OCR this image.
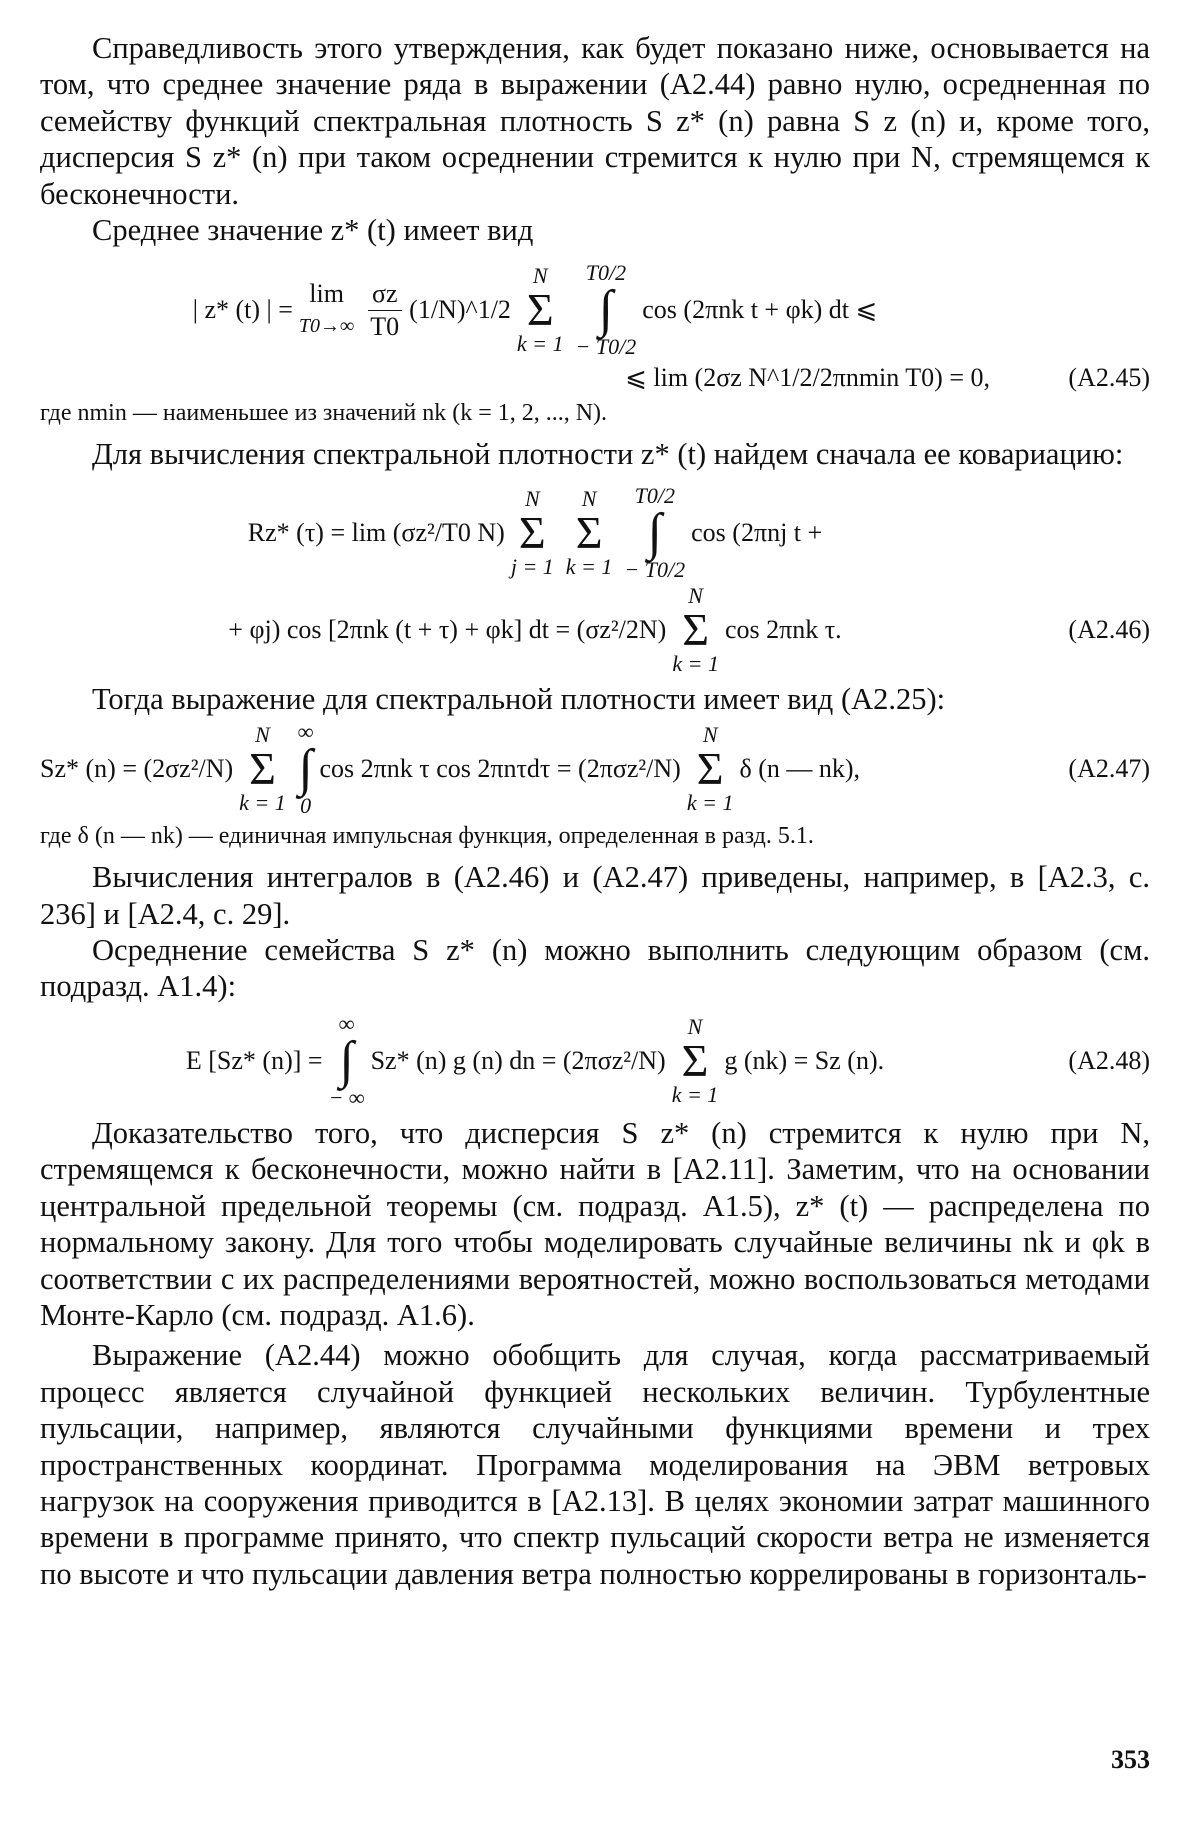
Справедливость этого утверждения, как будет показано ниже, основывается на том, что среднее значение ряда в выражении (А2.44) равно нулю, осредненная по семейству функций спектральная плотность S z* (n) равна S z (n) и, кроме того, дисперсия S z* (n) при таком осреднении стремится к нулю при N, стремящемся к бесконечности.

Среднее значение z* (t) имеет вид

| z* (t) | =
lim
$T0\to\infty \frac{\sigma z}{T0}$ (1/N)^1/2
N
Σ
k = 1
T0/2
∫
− T0/2
cos (2πnk t + φk) dt ⩽
⩽ lim (2σz N^1/2/2πnmin T0) = 0,	(А2.45)

где nmin — наименьшее из значений nk (k = 1, 2, ..., N).

Для вычисления спектральной плотности z* (t) найдем сначала ее ковариацию:

Rz* (τ) = lim (σz²/T0 N)
N
Σ
j = 1
N
Σ
k = 1
T0/2
∫
− T0/2
cos (2πnj t +
+ φj) cos [2πnk (t + τ) + φk] dt = (σz²/2N)
N
Σ
k = 1
cos 2πnk τ.	(А2.46)

Тогда выражение для спектральной плотности имеет вид (А2.25):

Sz* (n) = (2σz²/N)
N
Σ
k = 1
∞
∫
0
cos 2πnk τ cos 2πnτdτ = (2πσz²/N)
N
Σ
k = 1
δ (n — nk),	(А2.47)

где δ (n — nk) — единичная импульсная функция, определенная в разд. 5.1.

Вычисления интегралов в (А2.46) и (А2.47) приведены, например, в [А2.3, с. 236] и [А2.4, с. 29].

Осреднение семейства S z* (n) можно выполнить следующим образом (см. подразд. А1.4):

E [Sz* (n)] =
∞
∫
− ∞
Sz* (n) g (n) dn = (2πσz²/N)
N
Σ
k = 1
g (nk) = Sz (n).	(А2.48)

Доказательство того, что дисперсия S z* (n) стремится к нулю при N, стремящемся к бесконечности, можно найти в [А2.11]. Заметим, что на основании центральной предельной теоремы (см. подразд. А1.5), z* (t) — распределена по нормальному закону. Для того чтобы моделировать случайные величины nk и φk в соответствии с их распределениями вероятностей, можно воспользоваться методами Монте-Карло (см. подразд. А1.6).

Выражение (А2.44) можно обобщить для случая, когда рассматриваемый процесс является случайной функцией нескольких величин. Турбулентные пульсации, например, являются случайными функциями времени и трех пространственных координат. Программа моделирования на ЭВМ ветровых нагрузок на сооружения приводится в [А2.13]. В целях экономии затрат машинного времени в программе принято, что спектр пульсаций скорости ветра не изменяется по высоте и что пульсации давления ветра полностью коррелированы в горизонталь-

353
